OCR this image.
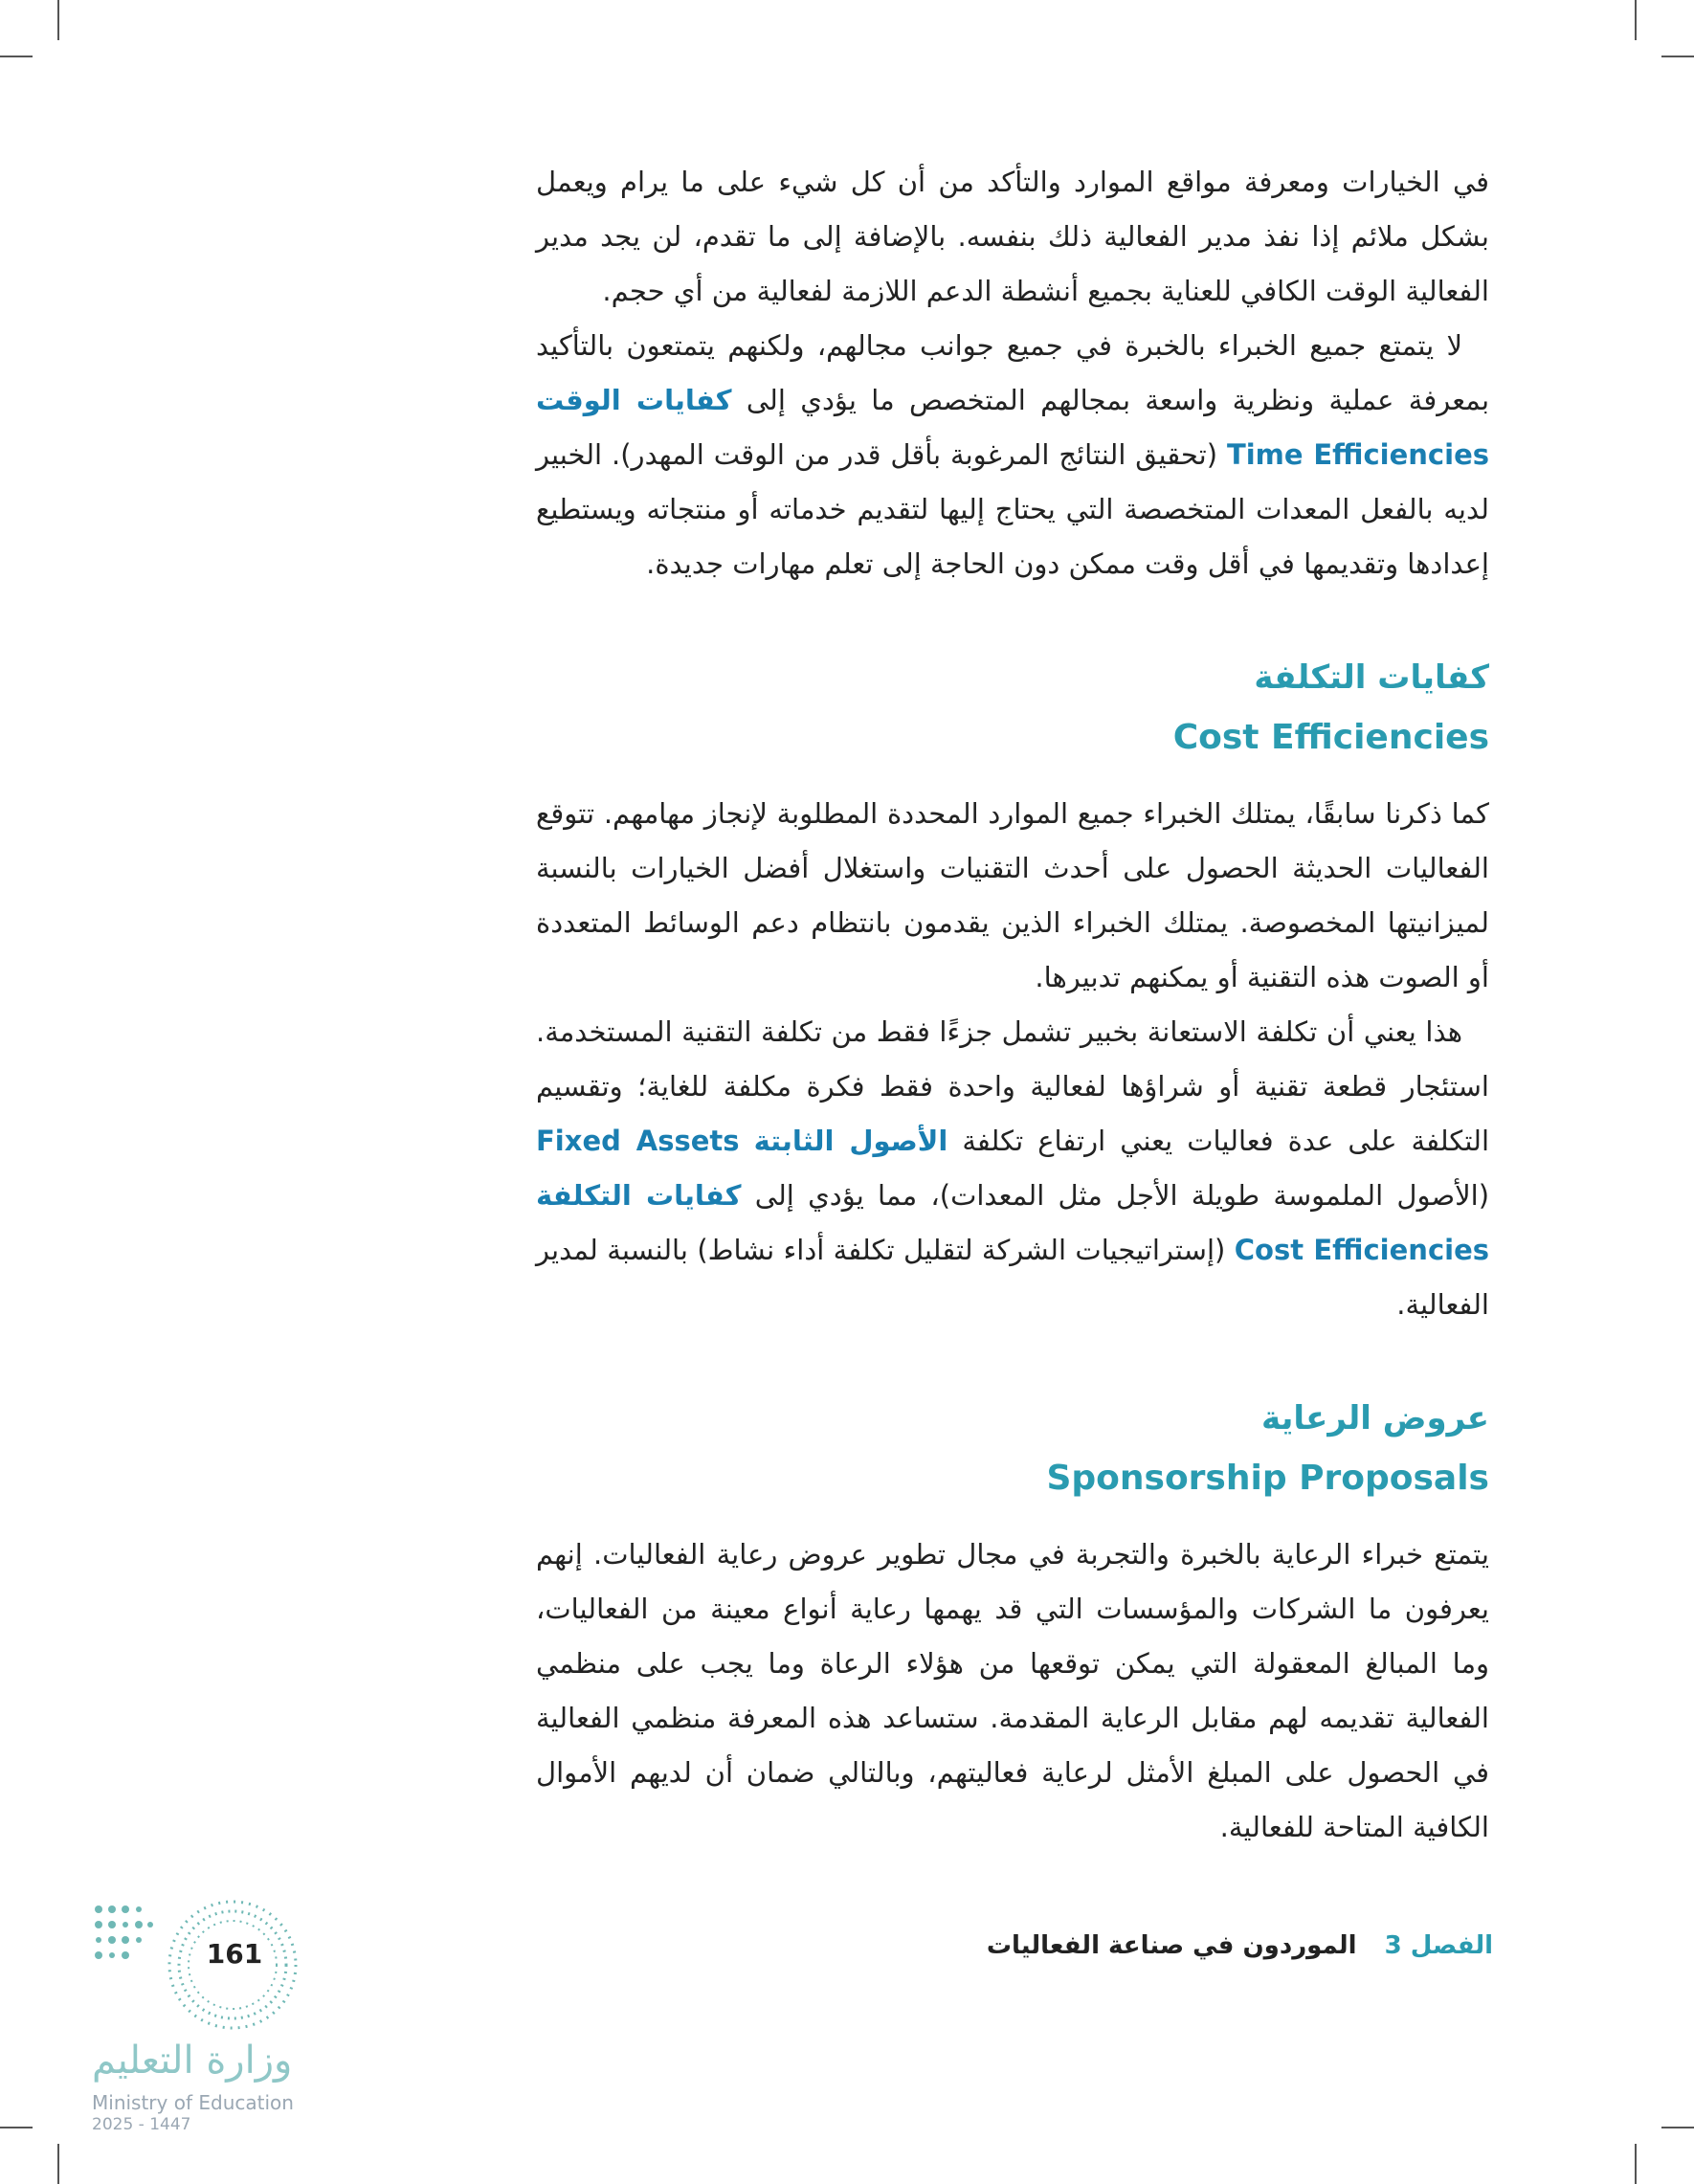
في الخيارات ومعرفة مواقع الموارد والتأكد من أن كل شيء على ما يرام ويعمل بشكل ملائم إذا نفذ مدير الفعالية ذلك بنفسه. بالإضافة إلى ما تقدم، لن يجد مدير الفعالية الوقت الكافي للعناية بجميع أنشطة الدعم اللازمة لفعالية من أي حجم.

لا يتمتع جميع الخبراء بالخبرة في جميع جوانب مجالهم، ولكنهم يتمتعون بالتأكيد بمعرفة عملية ونظرية واسعة بمجالهم المتخصص ما يؤدي إلى كفايات الوقت Time Efficiencies (تحقيق النتائج المرغوبة بأقل قدر من الوقت المهدر). الخبير لديه بالفعل المعدات المتخصصة التي يحتاج إليها لتقديم خدماته أو منتجاته ويستطيع إعدادها وتقديمها في أقل وقت ممكن دون الحاجة إلى تعلم مهارات جديدة.

كفايات التكلفة
Cost Efficiencies

كما ذكرنا سابقًا، يمتلك الخبراء جميع الموارد المحددة المطلوبة لإنجاز مهامهم. تتوقع الفعاليات الحديثة الحصول على أحدث التقنيات واستغلال أفضل الخيارات بالنسبة لميزانيتها المخصوصة. يمتلك الخبراء الذين يقدمون بانتظام دعم الوسائط المتعددة أو الصوت هذه التقنية أو يمكنهم تدبيرها.

هذا يعني أن تكلفة الاستعانة بخبير تشمل جزءًا فقط من تكلفة التقنية المستخدمة. استئجار قطعة تقنية أو شراؤها لفعالية واحدة فقط فكرة مكلفة للغاية؛ وتقسيم التكلفة على عدة فعاليات يعني ارتفاع تكلفة الأصول الثابتة Fixed Assets (الأصول الملموسة طويلة الأجل مثل المعدات)، مما يؤدي إلى كفايات التكلفة Cost Efficiencies (إستراتيجيات الشركة لتقليل تكلفة أداء نشاط) بالنسبة لمدير الفعالية.

عروض الرعاية
Sponsorship Proposals

يتمتع خبراء الرعاية بالخبرة والتجربة في مجال تطوير عروض رعاية الفعاليات. إنهم يعرفون ما الشركات والمؤسسات التي قد يهمها رعاية أنواع معينة من الفعاليات، وما المبالغ المعقولة التي يمكن توقعها من هؤلاء الرعاة وما يجب على منظمي الفعالية تقديمه لهم مقابل الرعاية المقدمة. ستساعد هذه المعرفة منظمي الفعالية في الحصول على المبلغ الأمثل لرعاية فعاليتهم، وبالتالي ضمان أن لديهم الأموال الكافية المتاحة للفعالية.

الفصل 3 الموردون في صناعة الفعاليات
161
وزارة التعليم
Ministry of Education
2025 - 1447
